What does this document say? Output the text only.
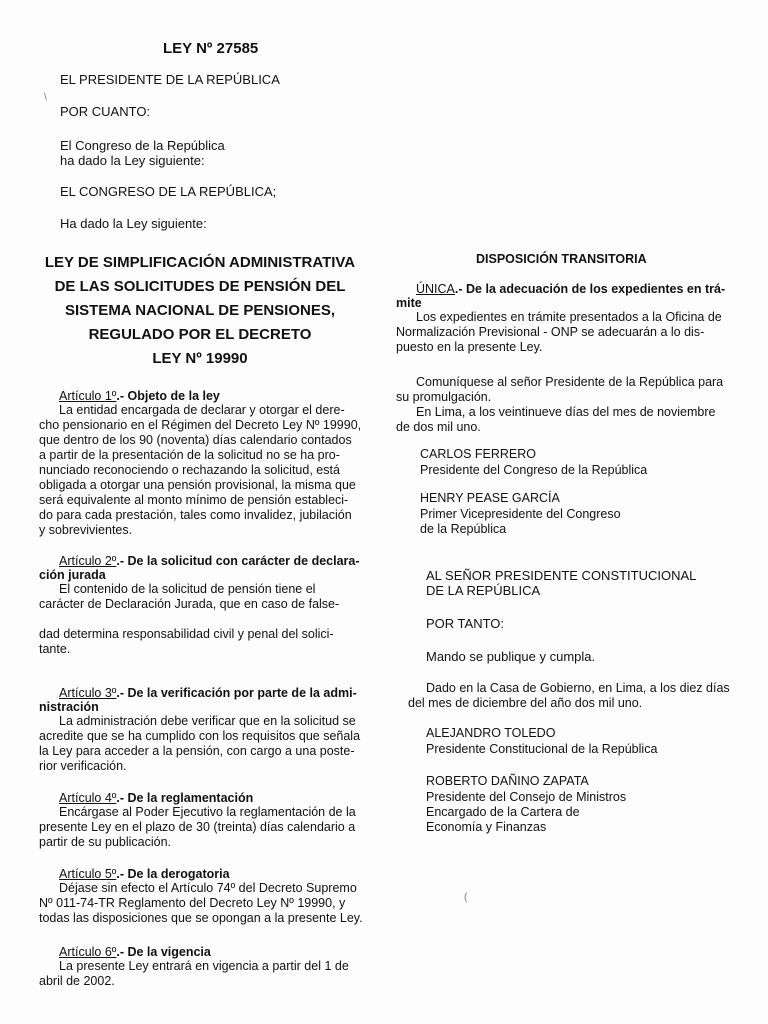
LEY Nº 27585
EL PRESIDENTE DE LA REPÚBLICA
POR CUANTO:
El Congreso de la República
ha dado la Ley siguiente:
EL CONGRESO DE LA REPÚBLICA;
Ha dado la Ley siguiente:
LEY DE SIMPLIFICACIÓN ADMINISTRATIVA
DE LAS SOLICITUDES DE PENSIÓN DEL
SISTEMA NACIONAL DE PENSIONES,
REGULADO POR EL DECRETO
LEY Nº 19990
Artículo 1º.- Objeto de la ley
La entidad encargada de declarar y otorgar el dere-
cho pensionario en el Régimen del Decreto Ley Nº 19990,
que dentro de los 90 (noventa) días calendario contados
a partir de la presentación de la solicitud no se ha pro-
nunciado reconociendo o rechazando la solicitud, está
obligada a otorgar una pensión provisional, la misma que
será equivalente al monto mínimo de pensión estableci-
do para cada prestación, tales como invalidez, jubilación
y sobrevivientes.
Artículo 2º.- De la solicitud con carácter de declara-
ción jurada
El contenido de la solicitud de pensión tiene el
carácter de Declaración Jurada, que en caso de false-
dad determina responsabilidad civil y penal del solici-
tante.
Artículo 3º.- De la verificación por parte de la admi-
nistración
La administración debe verificar que en la solicitud se
acredite que se ha cumplido con los requisitos que señala
la Ley para acceder a la pensión, con cargo a una poste-
rior verificación.
Artículo 4º.- De la reglamentación
Encárgase al Poder Ejecutivo la reglamentación de la
presente Ley en el plazo de 30 (treinta) días calendario a
partir de su publicación.
Artículo 5º.- De la derogatoria
Déjase sin efecto el Artículo 74º del Decreto Supremo
Nº 011-74-TR Reglamento del Decreto Ley Nº 19990, y
todas las disposiciones que se opongan a la presente Ley.
Artículo 6º.- De la vigencia
La presente Ley entrará en vigencia a partir del 1 de
abril de 2002.
DISPOSICIÓN TRANSITORIA
ÚNICA.- De la adecuación de los expedientes en trá-
mite
Los expedientes en trámite presentados a la Oficina de
Normalización Previsional - ONP se adecuarán a lo dis-
puesto en la presente Ley.
Comuníquese al señor Presidente de la República para
su promulgación.
En Lima, a los veintinueve días del mes de noviembre
de dos mil uno.
CARLOS FERRERO
Presidente del Congreso de la República
HENRY PEASE GARCÍA
Primer Vicepresidente del Congreso
de la República
AL SEÑOR PRESIDENTE CONSTITUCIONAL
DE LA REPÚBLICA
POR TANTO:
Mando se publique y cumpla.
Dado en la Casa de Gobierno, en Lima, a los diez días
del mes de diciembre del año dos mil uno.
ALEJANDRO TOLEDO
Presidente Constitucional de la República
ROBERTO DAÑINO ZAPATA
Presidente del Consejo de Ministros
Encargado de la Cartera de
Economía y Finanzas
\
(
